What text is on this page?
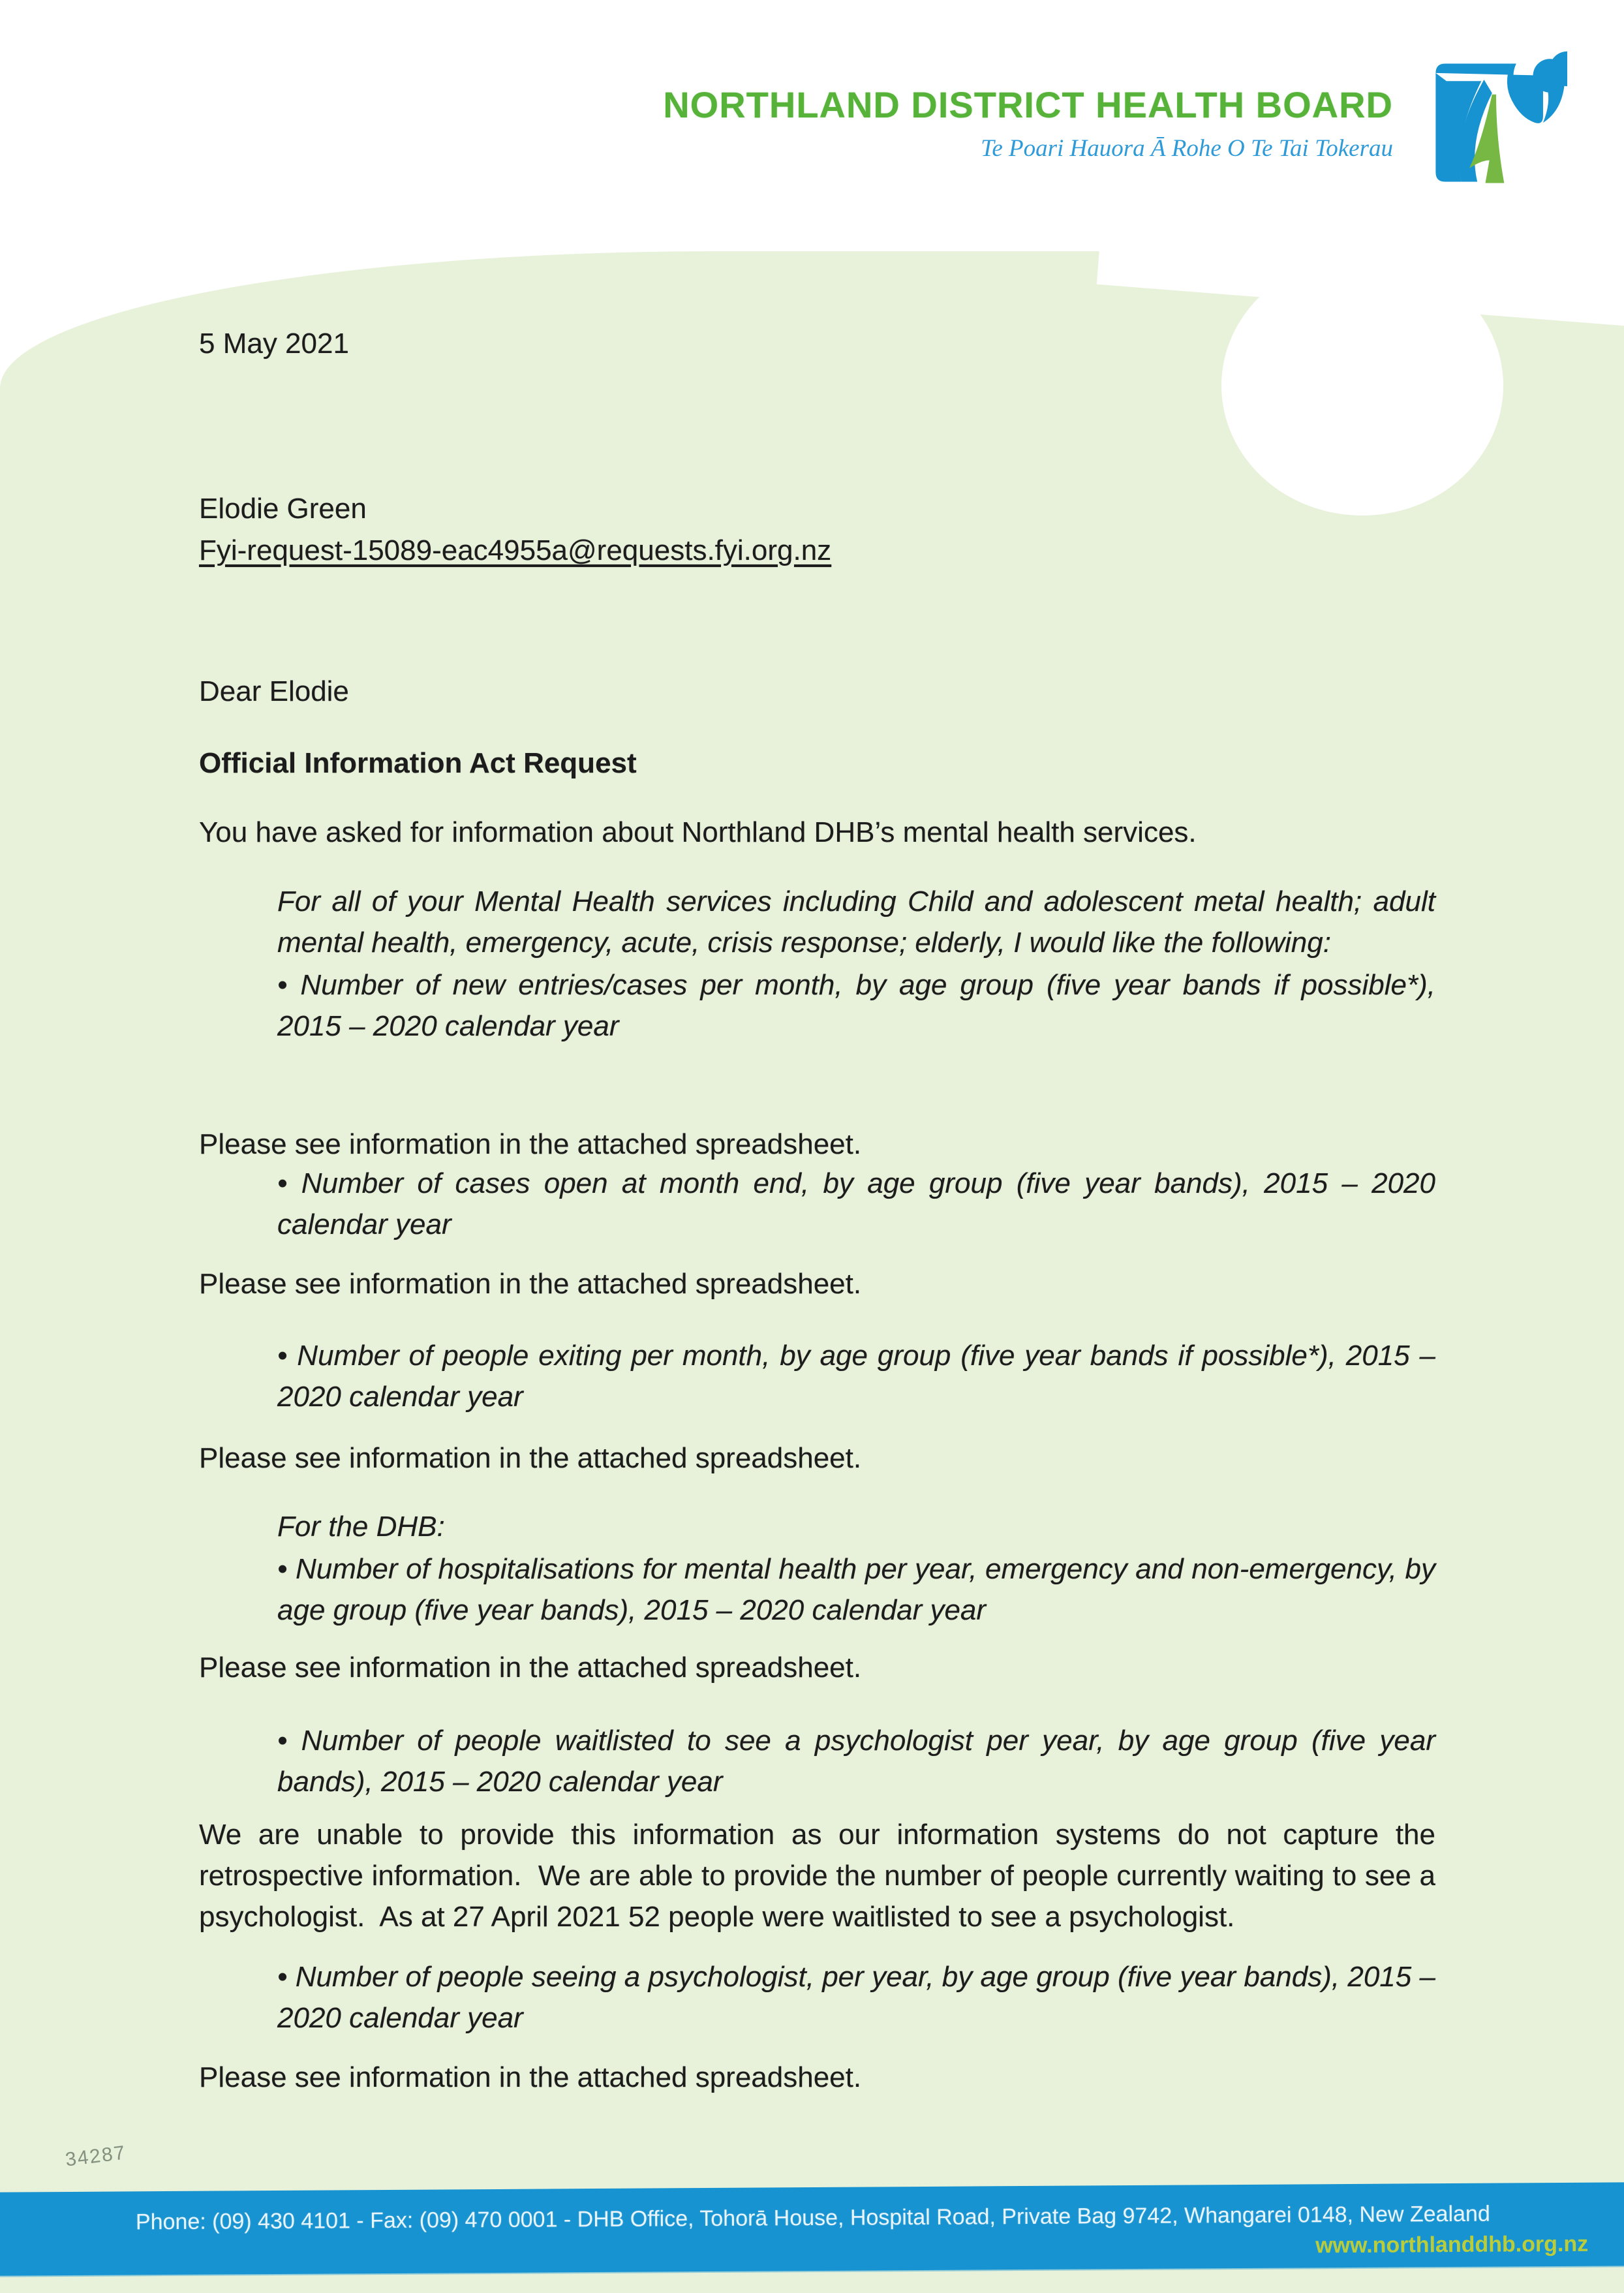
NORTHLAND DISTRICT HEALTH BOARD
Te Poari Hauora Ā Rohe O Te Tai Tokerau
5 May 2021
Elodie Green
Fyi-request-15089-eac4955a@requests.fyi.org.nz
Dear Elodie
Official Information Act Request
You have asked for information about Northland DHB’s mental health services.
For all of your Mental Health services including Child and adolescent metal health; adult mental health, emergency, acute, crisis response; elderly, I would like the following:
• Number of new entries/cases per month, by age group (five year bands if possible*), 2015 – 2020 calendar year
Please see information in the attached spreadsheet.
• Number of cases open at month end, by age group (five year bands), 2015 – 2020 calendar year
Please see information in the attached spreadsheet.
• Number of people exiting per month, by age group (five year bands if possible*), 2015 – 2020 calendar year
Please see information in the attached spreadsheet.
For the DHB:
• Number of hospitalisations for mental health per year, emergency and non-emergency, by age group (five year bands), 2015 – 2020 calendar year
Please see information in the attached spreadsheet.
• Number of people waitlisted to see a psychologist per year, by age group (five year bands), 2015 – 2020 calendar year
We are unable to provide this information as our information systems do not capture the retrospective information.  We are able to provide the number of people currently waiting to see a psychologist.  As at 27 April 2021 52 people were waitlisted to see a psychologist.
• Number of people seeing a psychologist, per year, by age group (five year bands), 2015 – 2020 calendar year
Please see information in the attached spreadsheet.
34287
Phone: (09) 430 4101 - Fax: (09) 470 0001 - DHB Office, Tohorā House, Hospital Road, Private Bag 9742, Whangarei 0148, New Zealand
www.northlanddhb.org.nz
